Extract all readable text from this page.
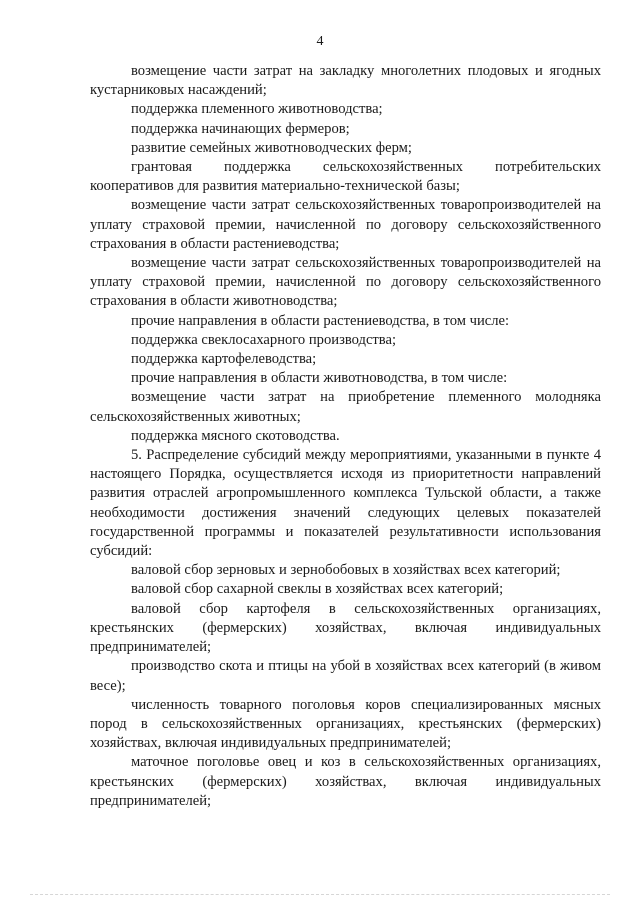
4

возмещение части затрат на закладку многолетних плодовых и ягодных кустарниковых насаждений;

поддержка племенного животноводства;

поддержка начинающих фермеров;

развитие семейных животноводческих ферм;

грантовая поддержка сельскохозяйственных потребительских кооперативов для развития материально-технической базы;

возмещение части затрат сельскохозяйственных товаропроизводителей на уплату страховой премии, начисленной по договору сельскохозяйственного страхования в области растениеводства;

возмещение части затрат сельскохозяйственных товаропроизводителей на уплату страховой премии, начисленной по договору сельскохозяйственного страхования в области животноводства;

прочие направления в области растениеводства, в том числе:

поддержка свеклосахарного производства;

поддержка картофелеводства;

прочие направления в области животноводства, в том числе:

возмещение части затрат на приобретение племенного молодняка сельскохозяйственных животных;

поддержка мясного скотоводства.

5. Распределение субсидий между мероприятиями, указанными в пункте 4 настоящего Порядка, осуществляется исходя из приоритетности направлений развития отраслей агропромышленного комплекса Тульской области, а также необходимости достижения значений следующих целевых показателей государственной программы и показателей результативности использования субсидий:

валовой сбор зерновых и зернобобовых в хозяйствах всех категорий;

валовой сбор сахарной свеклы в хозяйствах всех категорий;

валовой сбор картофеля в сельскохозяйственных организациях, крестьянских (фермерских) хозяйствах, включая индивидуальных предпринимателей;

производство скота и птицы на убой в хозяйствах всех категорий (в живом весе);

численность товарного поголовья коров специализированных мясных пород в сельскохозяйственных организациях, крестьянских (фермерских) хозяйствах, включая индивидуальных предпринимателей;

маточное поголовье овец и коз в сельскохозяйственных организациях, крестьянских (фермерских) хозяйствах, включая индивидуальных предпринимателей;
